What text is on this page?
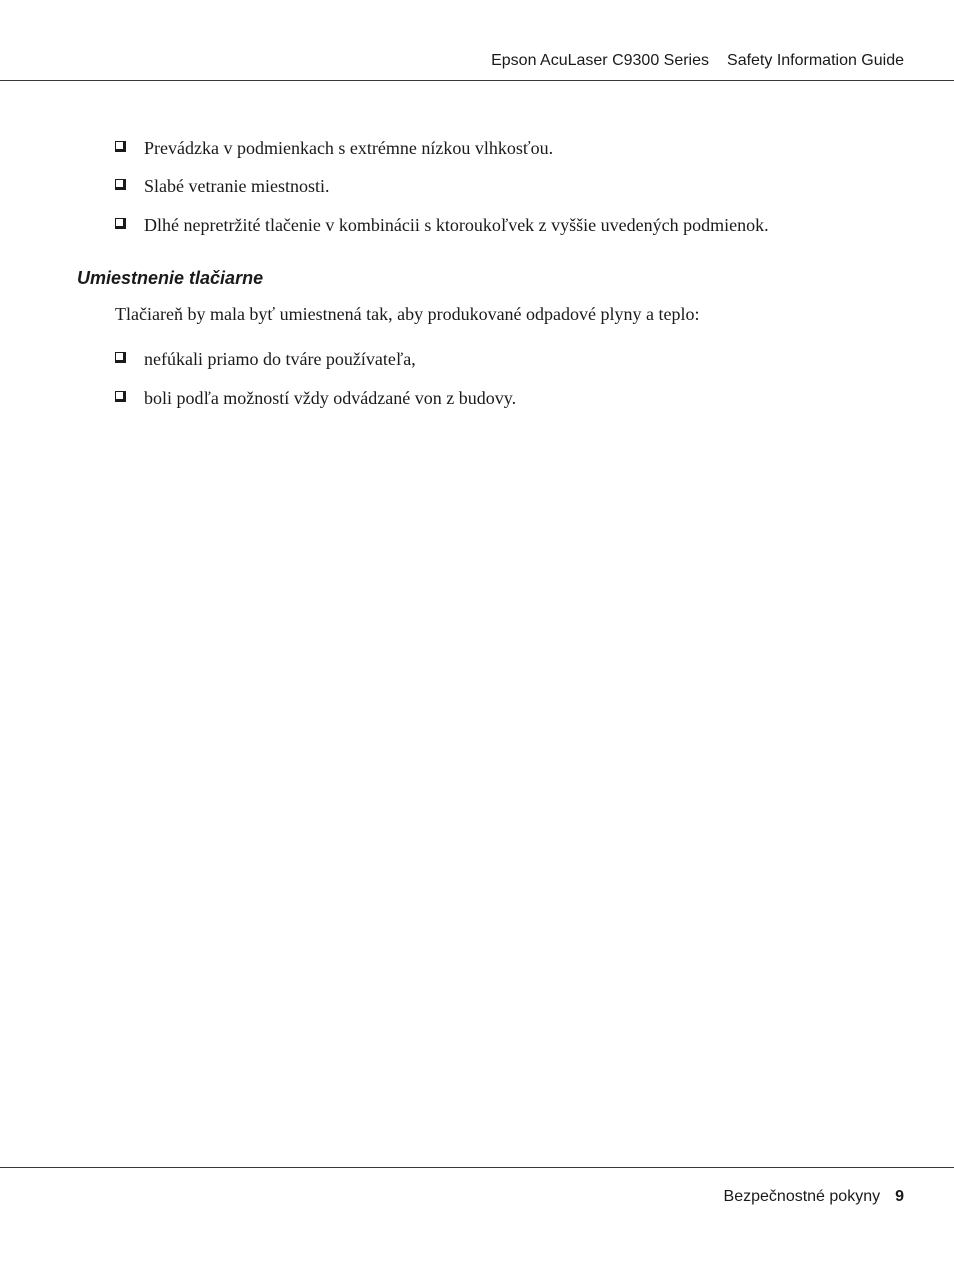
Epson AcuLaser C9300 Series Safety Information Guide
Prevádzka v podmienkach s extrémne nízkou vlhkosťou.
Slabé vetranie miestnosti.
Dlhé nepretržité tlačenie v kombinácii s ktoroukoľvek z vyššie uvedených podmienok.
Umiestnenie tlačiarne
Tlačiareň by mala byť umiestnená tak, aby produkované odpadové plyny a teplo:
nefúkali priamo do tváre používateľa,
boli podľa možností vždy odvádzané von z budovy.
Bezpečnostné pokyny 9
